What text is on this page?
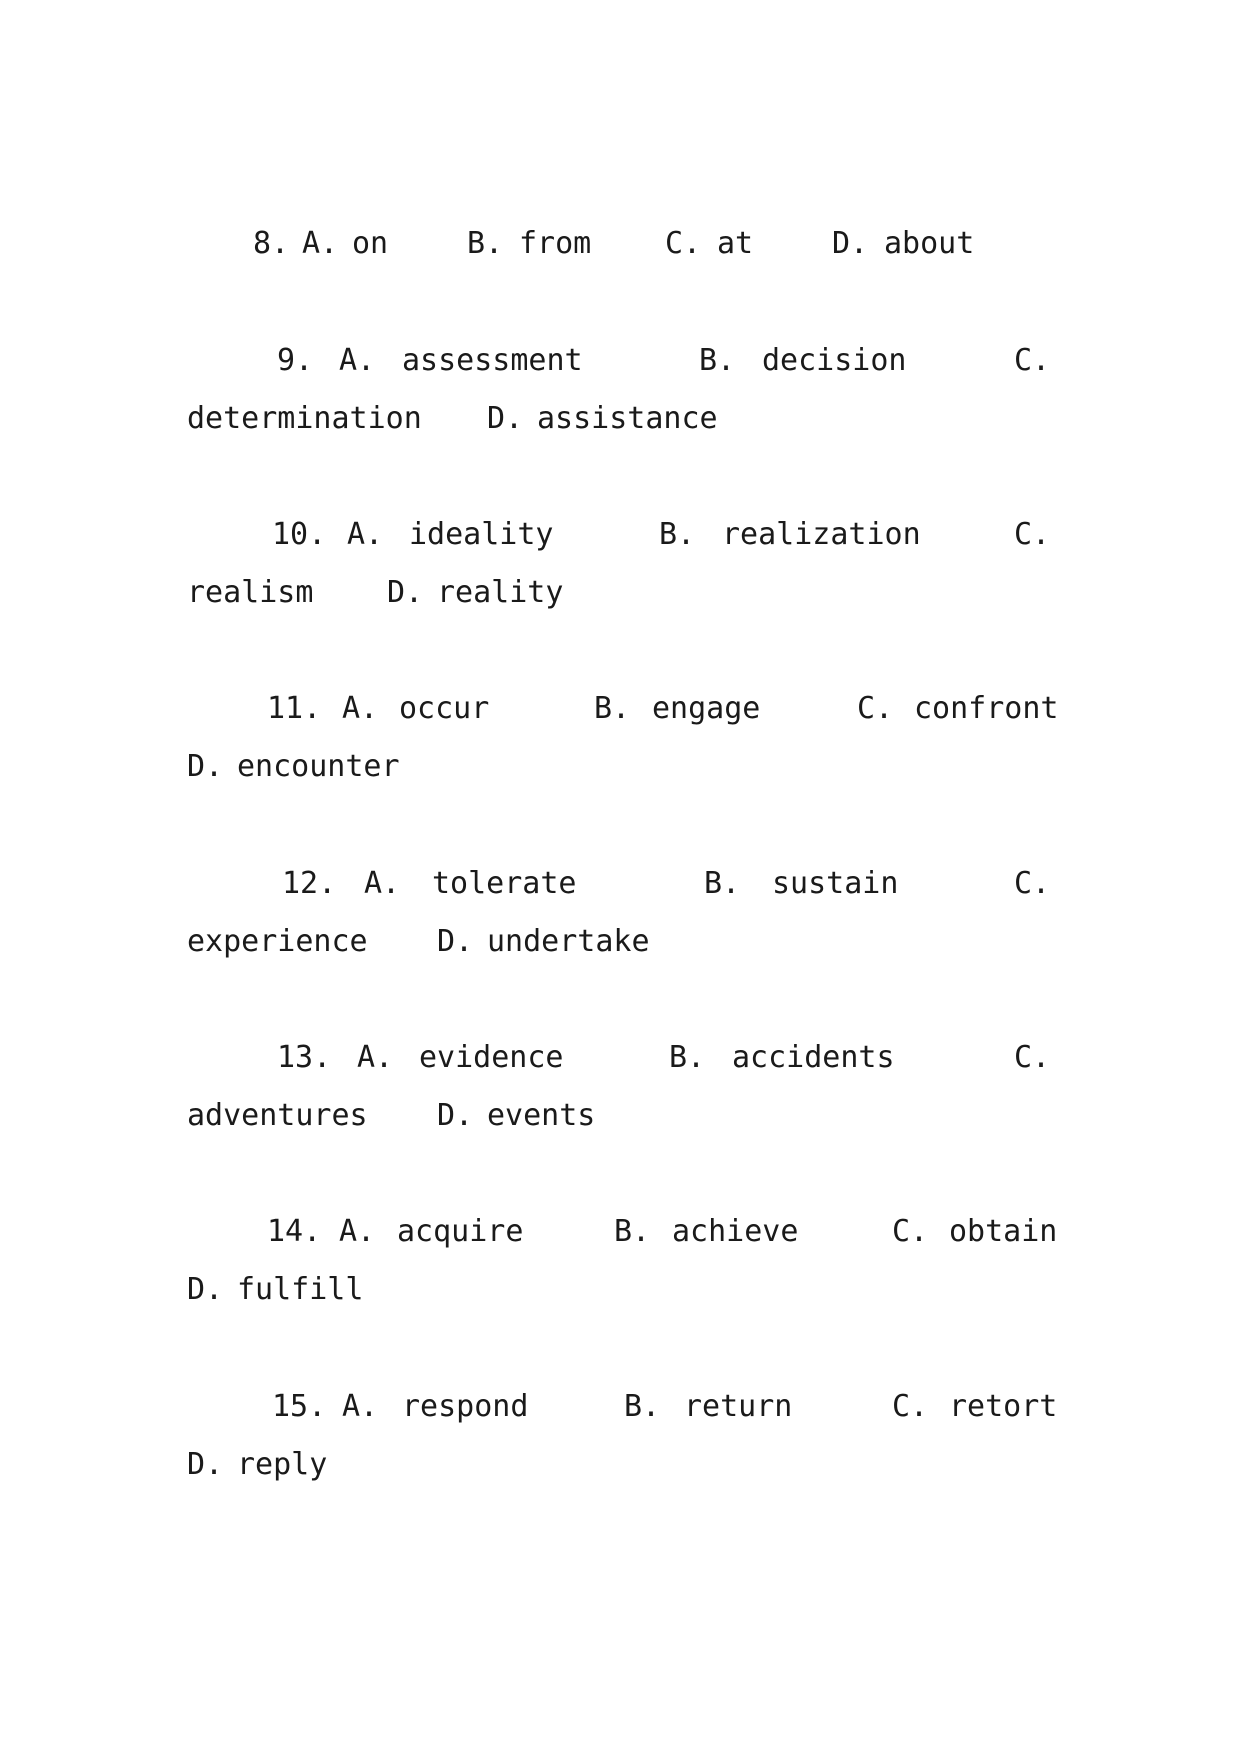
8. A. on	B. from C. at	D. about
9. A. assessment	B. decision	C.
determination D. assistance
10. A. ideality	B. realization	C.
realism D. reality
11. A. occur	B. engage	C. confront
D. encounter
12. A. tolerate	B. sustain	C.
experience D. undertake
13. A. evidence	B. accidents	C.
adventures D. events
14. A. acquire	B. achieve	C. obtain
D. fulfill
15. A. respond	B. return	C. retort
D. reply
